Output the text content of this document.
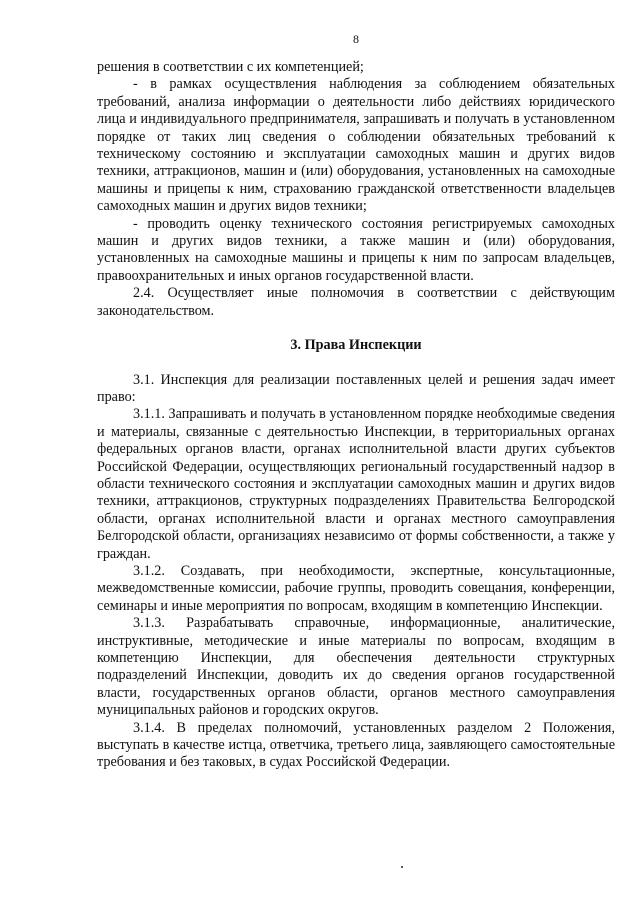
8

решения в соответствии с их компетенцией;

- в рамках осуществления наблюдения за соблюдением обязательных требований, анализа информации о деятельности либо действиях юридического лица и индивидуального предпринимателя, запрашивать и получать в установленном порядке от таких лиц сведения о соблюдении обязательных требований к техническому состоянию и эксплуатации самоходных машин и других видов техники, аттракционов, машин и (или) оборудования, установленных на самоходные машины и прицепы к ним, страхованию гражданской ответственности владельцев самоходных машин и других видов техники;

- проводить оценку технического состояния регистрируемых самоходных машин и других видов техники, а также машин и (или) оборудования, установленных на самоходные машины и прицепы к ним по запросам владельцев, правоохранительных и иных органов государственной власти.

2.4. Осуществляет иные полномочия в соответствии с действующим законодательством.

3. Права Инспекции

3.1. Инспекция для реализации поставленных целей и решения задач имеет право:

3.1.1. Запрашивать и получать в установленном порядке необходимые сведения и материалы, связанные с деятельностью Инспекции, в территориальных органах федеральных органов власти, органах исполнительной власти других субъектов Российской Федерации, осуществляющих региональный государственный надзор в области технического состояния и эксплуатации самоходных машин и других видов техники, аттракционов, структурных подразделениях Правительства Белгородской области, органах исполнительной власти и органах местного самоуправления Белгородской области, организациях независимо от формы собственности, а также у граждан.

3.1.2. Создавать, при необходимости, экспертные, консультационные, межведомственные комиссии, рабочие группы, проводить совещания, конференции, семинары и иные мероприятия по вопросам, входящим в компетенцию Инспекции.

3.1.3. Разрабатывать справочные, информационные, аналитические, инструктивные, методические и иные материалы по вопросам, входящим в компетенцию Инспекции, для обеспечения деятельности структурных подразделений Инспекции, доводить их до сведения органов государственной власти, государственных органов области, органов местного самоуправления муниципальных районов и городских округов.

3.1.4. В пределах полномочий, установленных разделом 2 Положения, выступать в качестве истца, ответчика, третьего лица, заявляющего самостоятельные требования и без таковых, в судах Российской Федерации.
